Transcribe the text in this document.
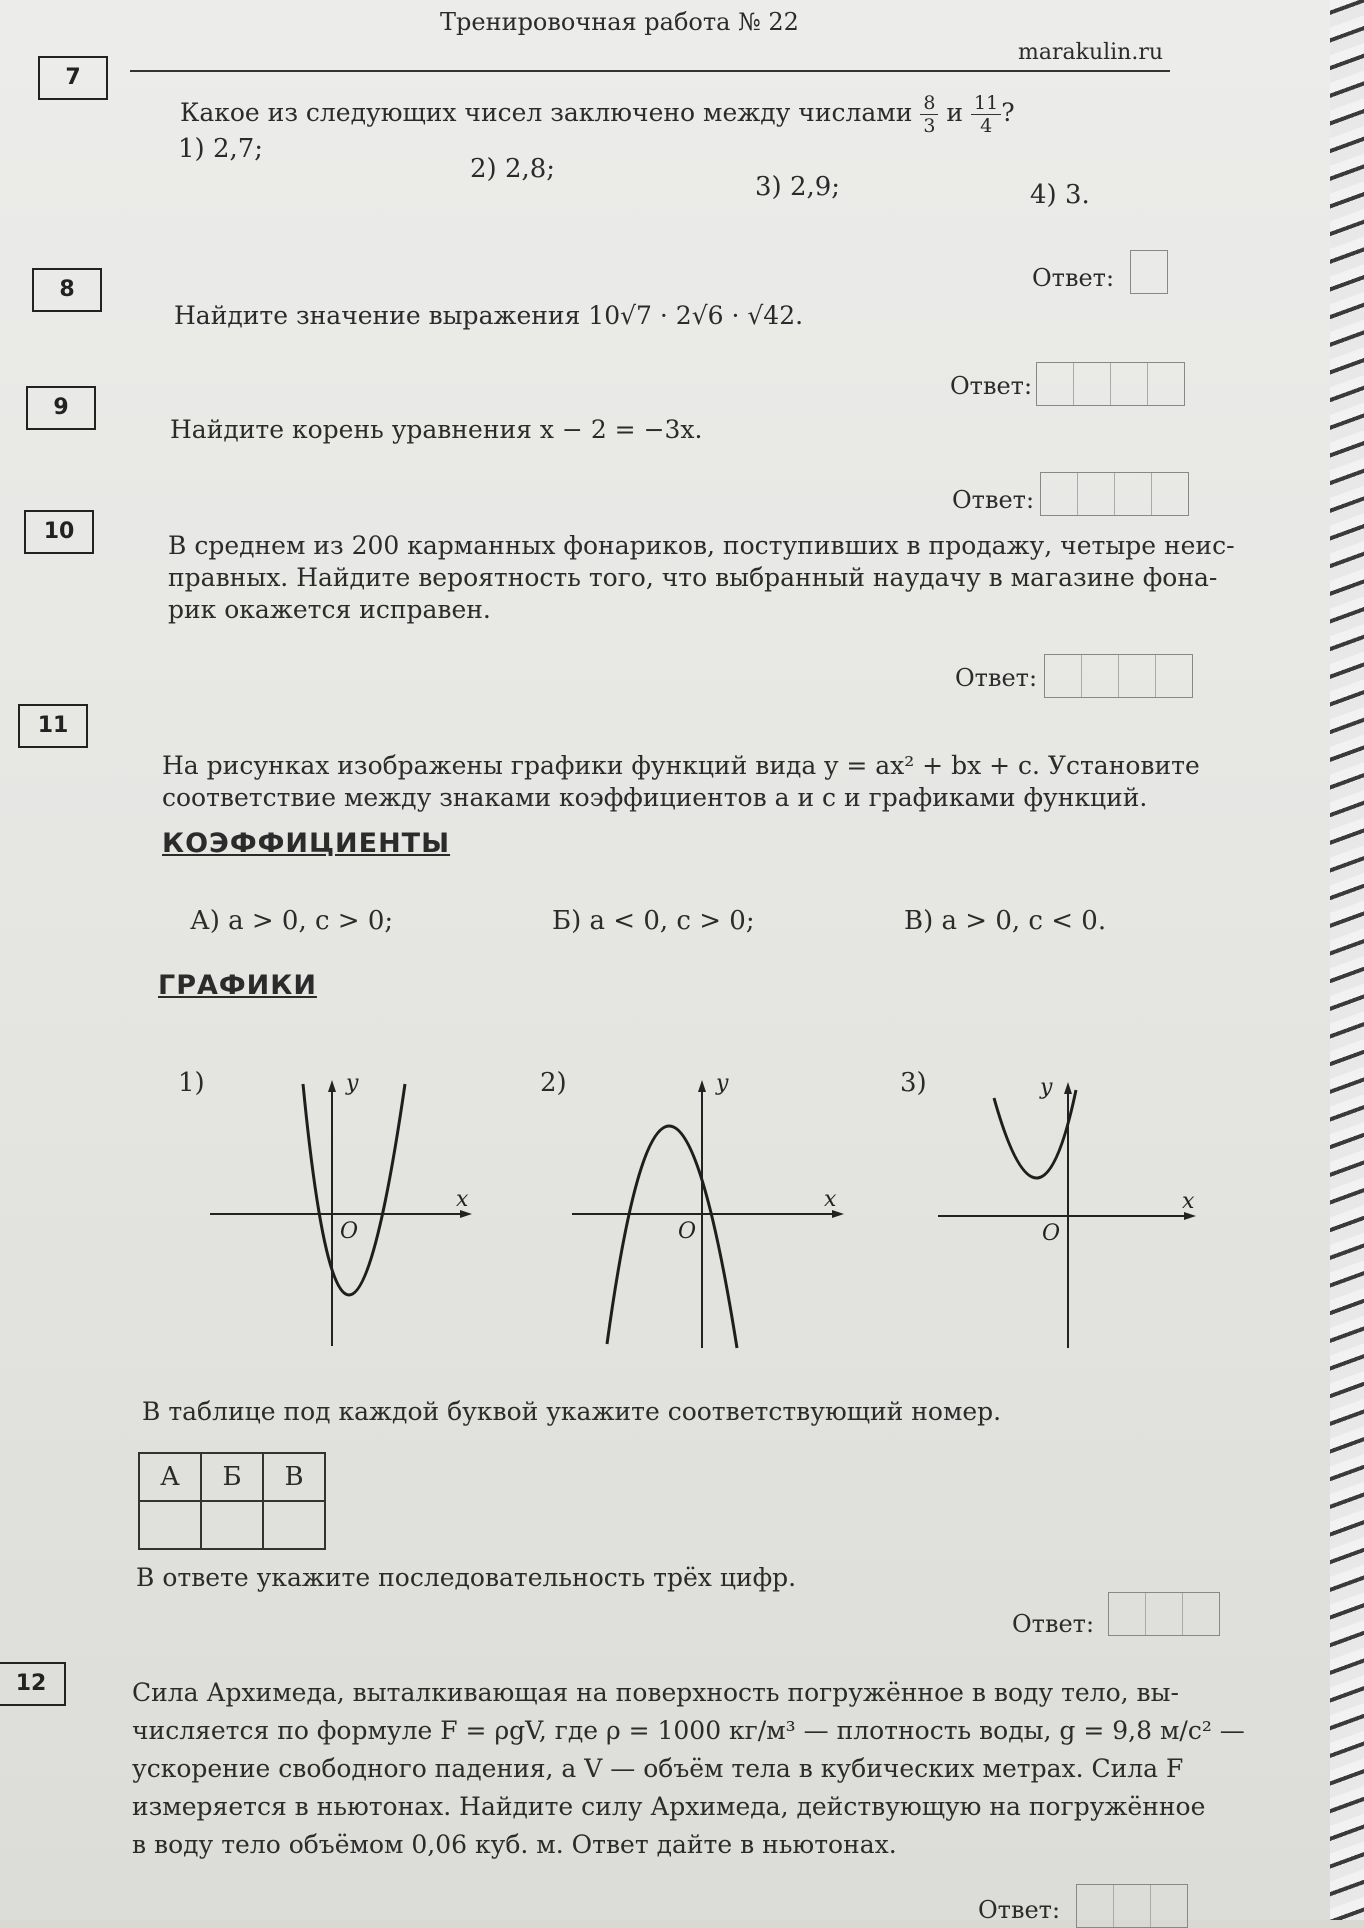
Тренировочная работа № 22
marakulin.ru
7
Какое из следующих чисел заключено между числами $\frac{8}{3}$ и $\frac{11}{4}$ ?
1) 2,7;
2) 2,8;
3) 2,9;	4) 3.
Ответ:
8
Найдите значение выражения 10√7 · 2√6 · √42.
Ответ:
9
Найдите корень уравнения x − 2 = −3x.
Ответ:
10	В среднем из 200 карманных фонариков, поступивших в продажу, четыре неис-
правных. Найдите вероятность того, что выбранный наудачу в магазине фона-
рик окажется исправен.
Ответ:
11
На рисунках изображены графики функций вида y = ax² + bx + c. Установите
соответствие между знаками коэффициентов a и c и графиками функций.
КОЭФФИЦИЕНТЫ
А) a > 0, c > 0;	Б) a < 0, c > 0;	В) a > 0, c < 0.
ГРАФИКИ
1)	y
x
O
2)	y
x
O
3)	y
x
O
В таблице под каждой буквой укажите соответствующий номер.
А	Б	В

В ответе укажите последовательность трёх цифр.
Ответ:
12	Сила Архимеда, выталкивающая на поверхность погружённое в воду тело, вы-
числяется по формуле F = ρgV, где ρ = 1000 кг/м³ — плотность воды, g = 9,8 м/с² —
ускорение свободного падения, а V — объём тела в кубических метрах. Сила F
измеряется в ньютонах. Найдите силу Архимеда, действующую на погружённое
в воду тело объёмом 0,06 куб. м. Ответ дайте в ньютонах.
Ответ:
